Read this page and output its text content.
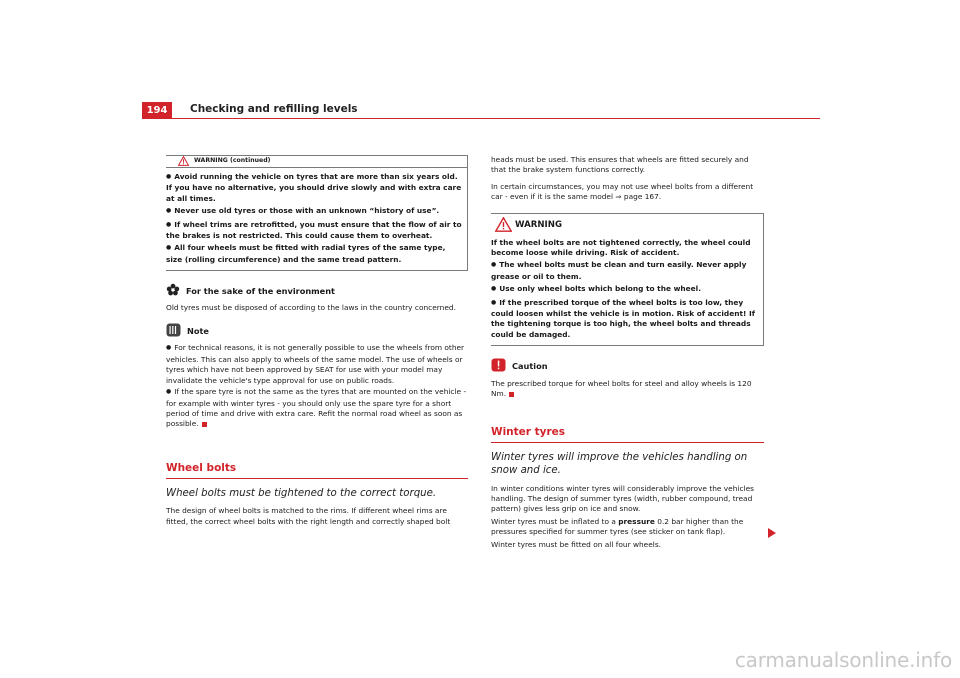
194	Checking and refilling levels
WARNING (continued)
● Avoid running the vehicle on tyres that are more than six years old. If you have no alternative, you should drive slowly and with extra care at all times.
● Never use old tyres or those with an unknown “history of use”.
● If wheel trims are retrofitted, you must ensure that the flow of air to the brakes is not restricted. This could cause them to overheat.
● All four wheels must be fitted with radial tyres of the same type, size (rolling circumference) and the same tread pattern.
For the sake of the environment

Old tyres must be disposed of according to the laws in the country concerned.

Note

● For technical reasons, it is not generally possible to use the wheels from other vehicles. This can also apply to wheels of the same model. The use of wheels or tyres which have not been approved by SEAT for use with your model may invalidate the vehicle's type approval for use on public roads.

● If the spare tyre is not the same as the tyres that are mounted on the vehicle - for example with winter tyres - you should only use the spare tyre for a short period of time and drive with extra care. Refit the normal road wheel as soon as possible.

Wheel bolts
Wheel bolts must be tightened to the correct torque.

The design of wheel bolts is matched to the rims. If different wheel rims are fitted, the correct wheel bolts with the right length and correctly shaped bolt

heads must be used. This ensures that wheels are fitted securely and that the brake system functions correctly.

In certain circumstances, you may not use wheel bolts from a different car - even if it is the same model ⇒ page 167.

WARNING
If the wheel bolts are not tightened correctly, the wheel could become loose while driving. Risk of accident.
● The wheel bolts must be clean and turn easily. Never apply grease or oil to them.
● Use only wheel bolts which belong to the wheel.
● If the prescribed torque of the wheel bolts is too low, they could loosen whilst the vehicle is in motion. Risk of accident! If the tightening torque is too high, the wheel bolts and threads could be damaged.
Caution

The prescribed torque for wheel bolts for steel and alloy wheels is 120 Nm.

Winter tyres
Winter tyres will improve the vehicles handling on snow and ice.

In winter conditions winter tyres will considerably improve the vehicles handling. The design of summer tyres (width, rubber compound, tread pattern) gives less grip on ice and snow.

Winter tyres must be inflated to a pressure 0.2 bar higher than the pressures specified for summer tyres (see sticker on tank flap).

Winter tyres must be fitted on all four wheels.

carmanualsonline.info
